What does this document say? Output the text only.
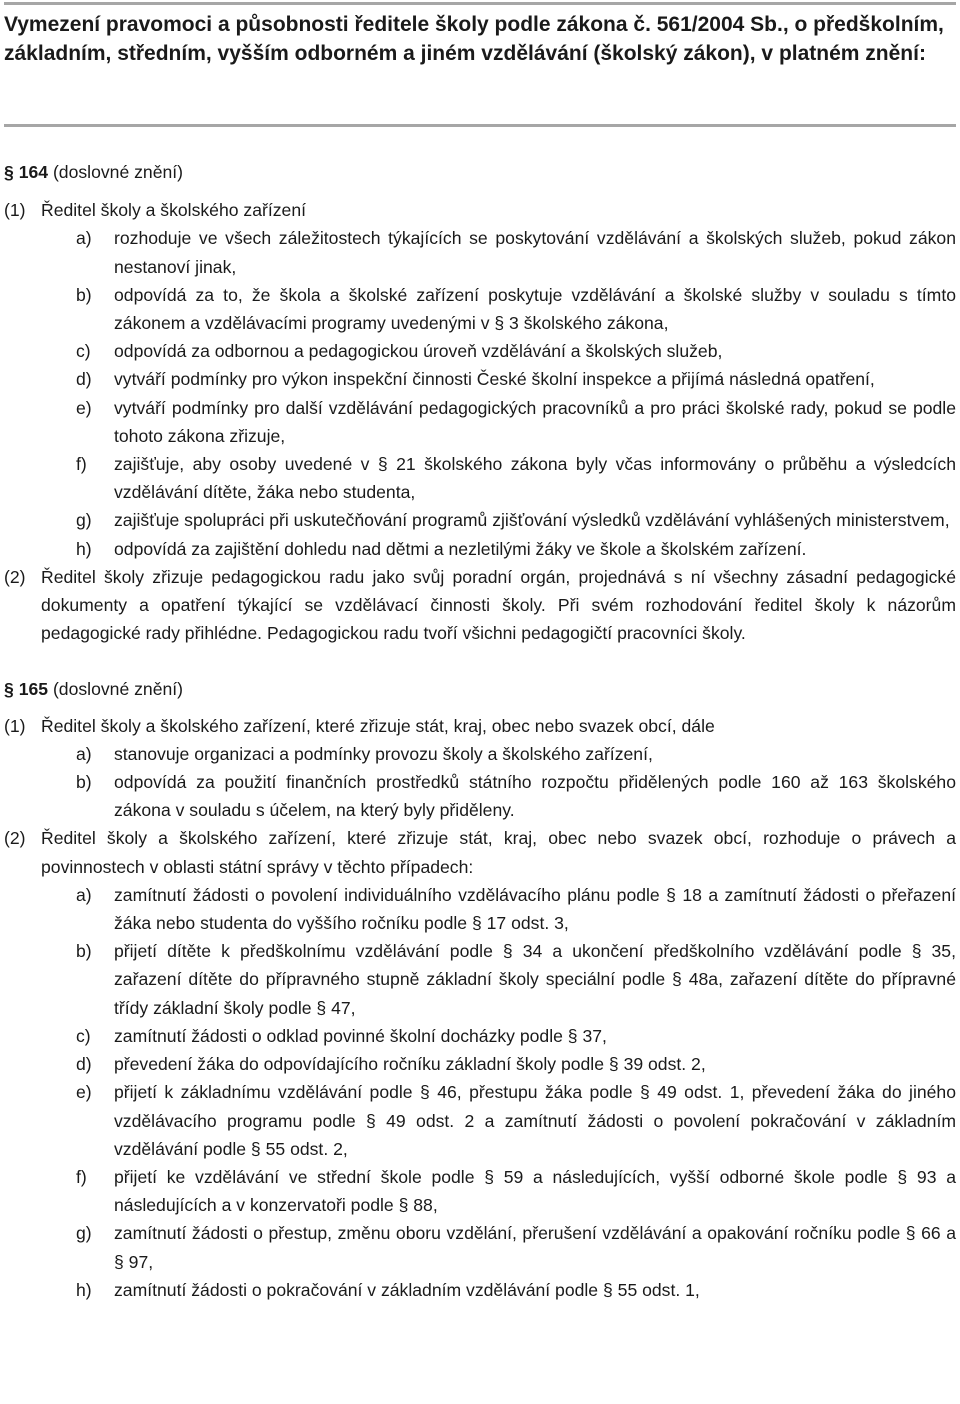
Vymezení pravomoci a působnosti ředitele školy podle zákona č. 561/2004 Sb., o předškolním, základním, středním, vyšším odborném a jiném vzdělávání (školský zákon), v platném znění:
§ 164 (doslovné znění)
(1) Ředitel školy a školského zařízení
a) rozhoduje ve všech záležitostech týkajících se poskytování vzdělávání a školských služeb, pokud zákon nestanoví jinak,
b) odpovídá za to, že škola a školské zařízení poskytuje vzdělávání a školské služby v souladu s tímto zákonem a vzdělávacími programy uvedenými v § 3 školského zákona,
c) odpovídá za odbornou a pedagogickou úroveň vzdělávání a školských služeb,
d) vytváří podmínky pro výkon inspekční činnosti České školní inspekce a přijímá následná opatření,
e) vytváří podmínky pro další vzdělávání pedagogických pracovníků a pro práci školské rady, pokud se podle tohoto zákona zřizuje,
f) zajišťuje, aby osoby uvedené v § 21 školského zákona byly včas informovány o průběhu a výsledcích vzdělávání dítěte, žáka nebo studenta,
g) zajišťuje spolupráci při uskutečňování programů zjišťování výsledků vzdělávání vyhlášených ministerstvem,
h) odpovídá za zajištění dohledu nad dětmi a nezletilými žáky ve škole a školském zařízení.
(2) Ředitel školy zřizuje pedagogickou radu jako svůj poradní orgán, projednává s ní všechny zásadní pedagogické dokumenty a opatření týkající se vzdělávací činnosti školy. Při svém rozhodování ředitel školy k názorům pedagogické rady přihlédne. Pedagogickou radu tvoří všichni pedagogičtí pracovníci školy.
§ 165 (doslovné znění)
(1) Ředitel školy a školského zařízení, které zřizuje stát, kraj, obec nebo svazek obcí, dále
a) stanovuje organizaci a podmínky provozu školy a školského zařízení,
b) odpovídá za použití finančních prostředků státního rozpočtu přidělených podle 160 až 163 školského zákona v souladu s účelem, na který byly přiděleny.
(2) Ředitel školy a školského zařízení, které zřizuje stát, kraj, obec nebo svazek obcí, rozhoduje o právech a povinnostech v oblasti státní správy v těchto případech:
a) zamítnutí žádosti o povolení individuálního vzdělávacího plánu podle § 18 a zamítnutí žádosti o přeřazení žáka nebo studenta do vyššího ročníku podle § 17 odst. 3,
b) přijetí dítěte k předškolnímu vzdělávání podle § 34 a ukončení předškolního vzdělávání podle § 35, zařazení dítěte do přípravného stupně základní školy speciální podle § 48a, zařazení dítěte do přípravné třídy základní školy podle § 47,
c) zamítnutí žádosti o odklad povinné školní docházky podle § 37,
d) převedení žáka do odpovídajícího ročníku základní školy podle § 39 odst. 2,
e) přijetí k základnímu vzdělávání podle § 46, přestupu žáka podle § 49 odst. 1, převedení žáka do jiného vzdělávacího programu podle § 49 odst. 2 a zamítnutí žádosti o povolení pokračování v základním vzdělávání podle § 55 odst. 2,
f) přijetí ke vzdělávání ve střední škole podle § 59 a následujících, vyšší odborné škole podle § 93 a následujících a v konzervatoři podle § 88,
g) zamítnutí žádosti o přestup, změnu oboru vzdělání, přerušení vzdělávání a opakování ročníku podle § 66 a § 97,
h) zamítnutí žádosti o pokračování v základním vzdělávání podle § 55 odst. 1,
